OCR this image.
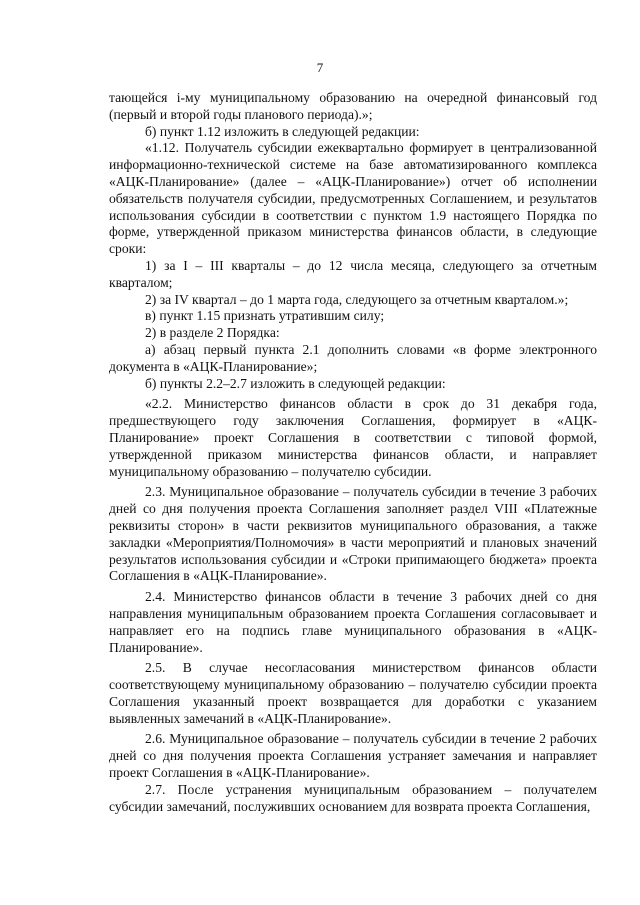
7

тающейся i-му муниципальному образованию на очередной финансовый год (первый и второй годы планового периода).»;

б) пункт 1.12 изложить в следующей редакции:

«1.12. Получатель субсидии ежеквартально формирует в централизованной информационно-технической системе на базе автоматизированного комплекса «АЦК-Планирование» (далее – «АЦК-Планирование») отчет об исполнении обязательств получателя субсидии, предусмотренных Соглашением, и результатов использования субсидии в соответствии с пунктом 1.9 настоящего Порядка по форме, утвержденной приказом министерства финансов области, в следующие сроки:

1) за I – III кварталы – до 12 числа месяца, следующего за отчетным кварталом;

2) за IV квартал – до 1 марта года, следующего за отчетным кварталом.»;

в) пункт 1.15 признать утратившим силу;

2) в разделе 2 Порядка:

а) абзац первый пункта 2.1 дополнить словами «в форме электронного документа в «АЦК-Планирование»;

б) пункты 2.2–2.7 изложить в следующей редакции:

«2.2. Министерство финансов области в срок до 31 декабря года, предшествующего году заключения Соглашения, формирует в «АЦК-Планирование» проект Соглашения в соответствии с типовой формой, утвержденной приказом министерства финансов области, и направляет муниципальному образованию – получателю субсидии.

2.3. Муниципальное образование – получатель субсидии в течение 3 рабочих дней со дня получения проекта Соглашения заполняет раздел VIII «Платежные реквизиты сторон» в части реквизитов муниципального образования, а также закладки «Мероприятия/Полномочия» в части мероприятий и плановых значений результатов использования субсидии и «Строки припимающего бюджета» проекта Соглашения в «АЦК-Планирование».

2.4. Министерство финансов области в течение 3 рабочих дней со дня направления муниципальным образованием проекта Соглашения согласовывает и направляет его на подпись главе муниципального образования в «АЦК-Планирование».

2.5. В случае несогласования министерством финансов области соответствующему муниципальному образованию – получателю субсидии проекта Соглашения указанный проект возвращается для доработки с указанием выявленных замечаний в «АЦК-Планирование».

2.6. Муниципальное образование – получатель субсидии в течение 2 рабочих дней со дня получения проекта Соглашения устраняет замечания и направляет проект Соглашения в «АЦК-Планирование».

2.7. После устранения муниципальным образованием – получателем субсидии замечаний, послуживших основанием для возврата проекта Соглашения,
